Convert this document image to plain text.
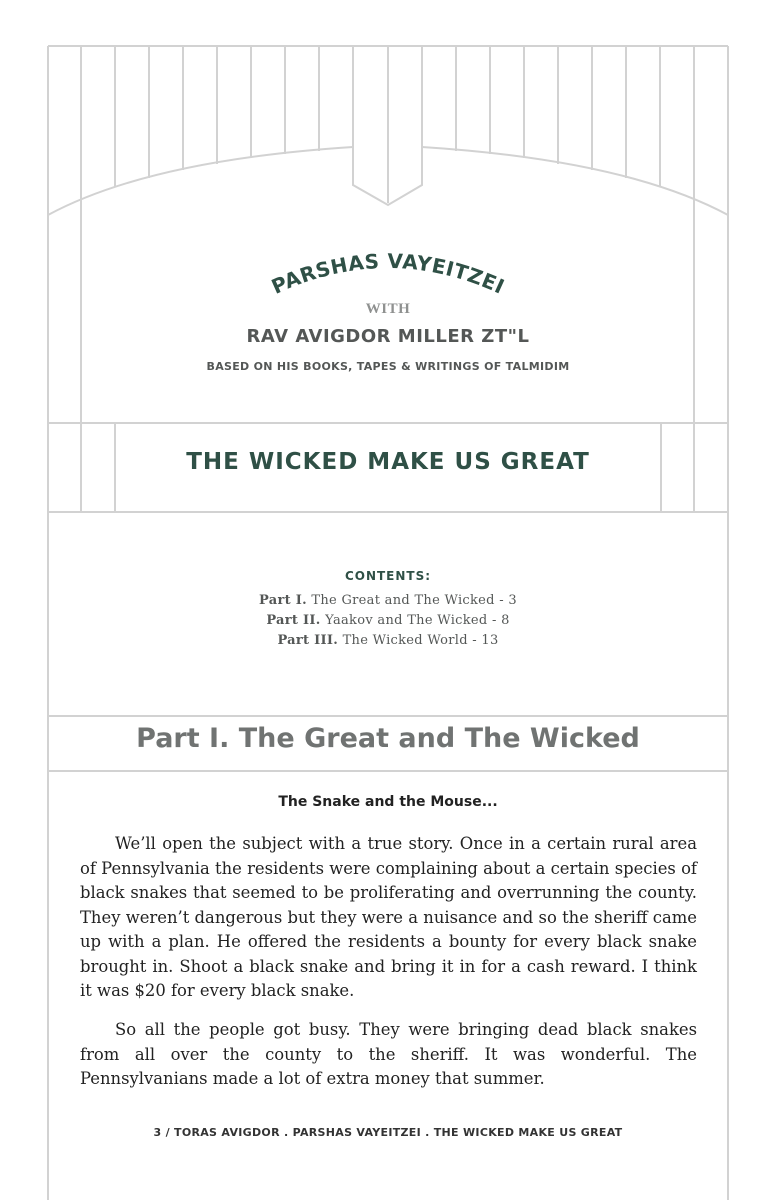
PARSHAS VAYEITZEI
WITH
RAV AVIGDOR MILLER ZT"L
BASED ON HIS BOOKS, TAPES & WRITINGS OF TALMIDIM
THE WICKED MAKE US GREAT
CONTENTS:
Part I. The Great and The Wicked - 3
Part II. Yaakov and The Wicked - 8
Part III. The Wicked World - 13
Part I. The Great and The Wicked
The Snake and the Mouse...

We’ll open the subject with a true story. Once in a certain rural area of Pennsylvania the residents were complaining about a certain species of black snakes that seemed to be proliferating and overrunning the county. They weren’t dangerous but they were a nuisance and so the sheriff came up with a plan. He offered the residents a bounty for every black snake brought in. Shoot a black snake and bring it in for a cash reward. I think it was $20 for every black snake.

So all the people got busy. They were bringing dead black snakes from all over the county to the sheriff. It was wonderful. The Pennsylvanians made a lot of extra money that summer.

3 / TORAS AVIGDOR . PARSHAS VAYEITZEI . THE WICKED MAKE US GREAT
